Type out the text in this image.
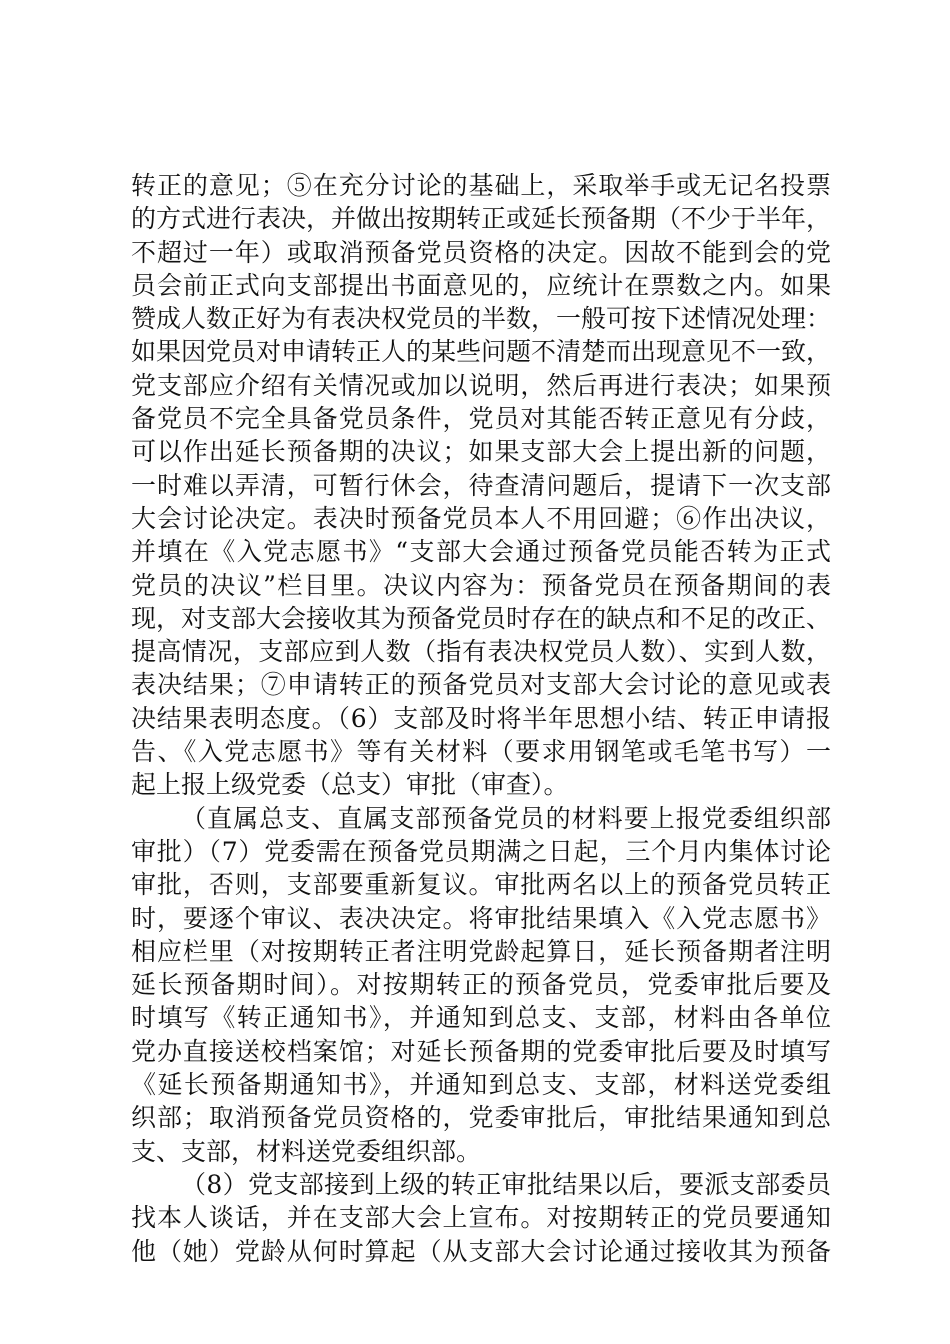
转正的意见；⑤在充分讨论的基础上，采取举手或无记名投票
的方式进行表决，并做出按期转正或延长预备期（不少于半年，
不超过一年）或取消预备党员资格的决定。因故不能到会的党
员会前正式向支部提出书面意见的，应统计在票数之内。如果
赞成人数正好为有表决权党员的半数，一般可按下述情况处理：
如果因党员对申请转正人的某些问题不清楚而出现意见不一致，
党支部应介绍有关情况或加以说明，然后再进行表决；如果预
备党员不完全具备党员条件，党员对其能否转正意见有分歧，
可以作出延长预备期的决议；如果支部大会上提出新的问题，
一时难以弄清，可暂行休会，待查清问题后，提请下一次支部
大会讨论决定。表决时预备党员本人不用回避；⑥作出决议，
并填在《入党志愿书》“支部大会通过预备党员能否转为正式
党员的决议”栏目里。决议内容为：预备党员在预备期间的表
现，对支部大会接收其为预备党员时存在的缺点和不足的改正、
提高情况，支部应到人数（指有表决权党员人数）、实到人数，
表决结果；⑦申请转正的预备党员对支部大会讨论的意见或表
决结果表明态度。（6）支部及时将半年思想小结、转正申请报
告、《入党志愿书》等有关材料（要求用钢笔或毛笔书写）一
起上报上级党委（总支）审批（审查）。
（直属总支、直属支部预备党员的材料要上报党委组织部
审批）（7）党委需在预备党员期满之日起，三个月内集体讨论
审批，否则，支部要重新复议。审批两名以上的预备党员转正
时，要逐个审议、表决决定。将审批结果填入《入党志愿书》
相应栏里（对按期转正者注明党龄起算日，延长预备期者注明
延长预备期时间）。对按期转正的预备党员，党委审批后要及
时填写《转正通知书》，并通知到总支、支部，材料由各单位
党办直接送校档案馆；对延长预备期的党委审批后要及时填写
《延长预备期通知书》，并通知到总支、支部，材料送党委组
织部；取消预备党员资格的，党委审批后，审批结果通知到总
支、支部，材料送党委组织部。
（8）党支部接到上级的转正审批结果以后，要派支部委员
找本人谈话，并在支部大会上宣布。对按期转正的党员要通知
他（她）党龄从何时算起（从支部大会讨论通过接收其为预备
